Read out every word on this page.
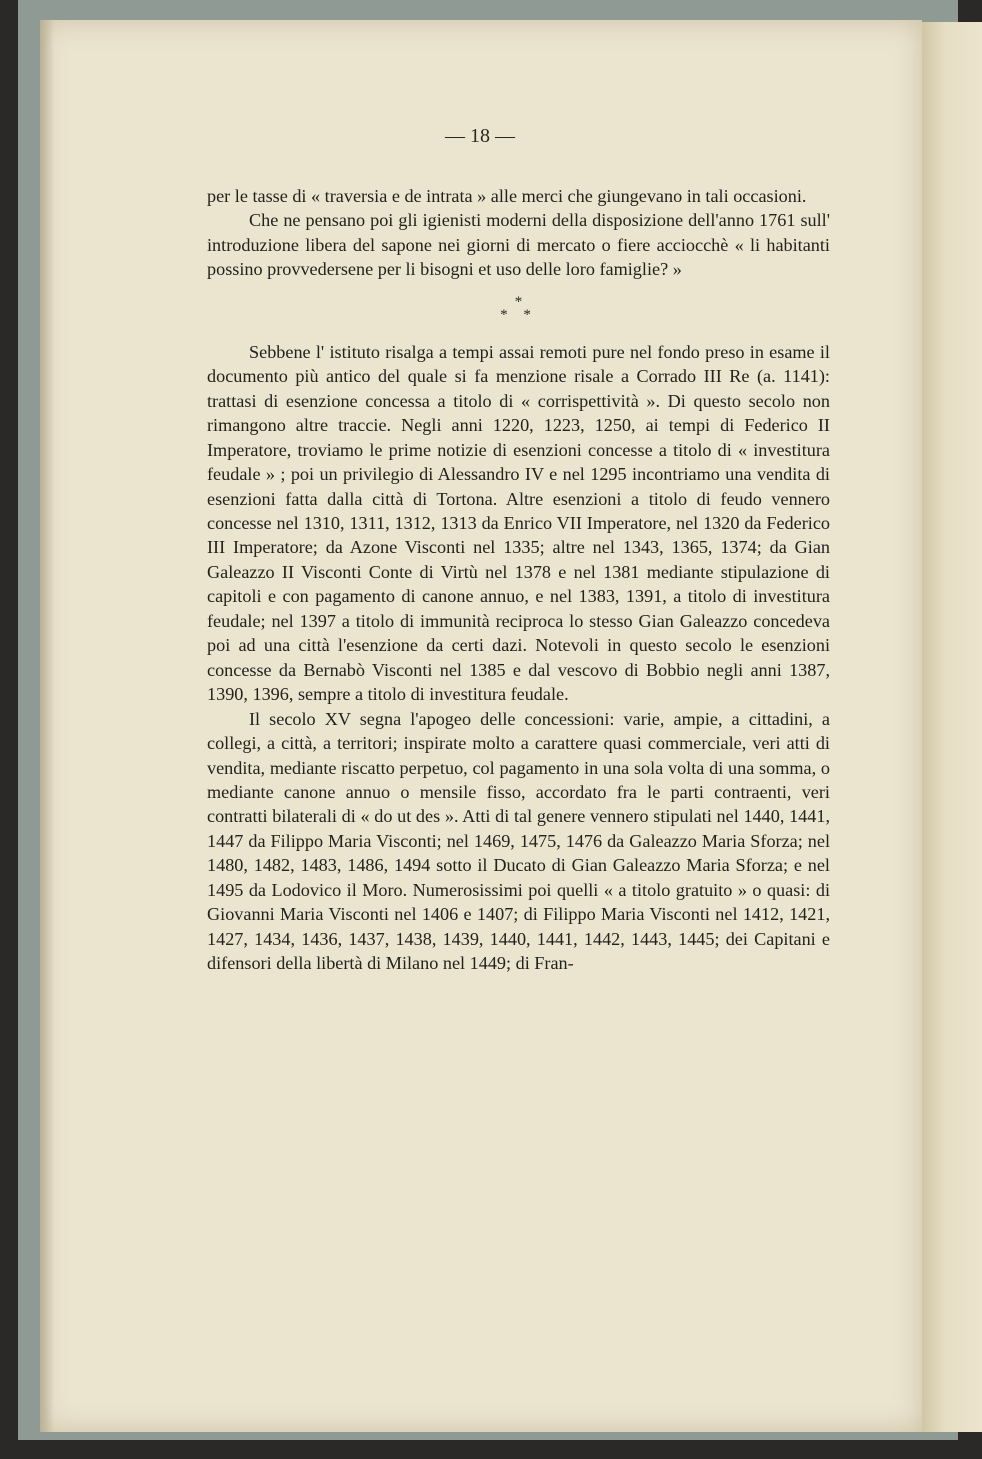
— 18 —

per le tasse di « traversia e de intrata » alle merci che giungevano in tali occasioni.

Che ne pensano poi gli igienisti moderni della disposizione dell'anno 1761 sull' introduzione libera del sapone nei giorni di mercato o fiere acciocchè « li habitanti possino provvedersene per li bisogni et uso delle loro famiglie? »

*
* *

Sebbene l' istituto risalga a tempi assai remoti pure nel fondo preso in esame il documento più antico del quale si fa menzione risale a Corrado III Re (a. 1141): trattasi di esenzione concessa a titolo di « corrispettività ». Di questo secolo non rimangono altre traccie. Negli anni 1220, 1223, 1250, ai tempi di Federico II Imperatore, troviamo le prime notizie di esenzioni concesse a titolo di « investitura feudale » ; poi un privilegio di Alessandro IV e nel 1295 incontriamo una vendita di esenzioni fatta dalla città di Tortona. Altre esenzioni a titolo di feudo vennero concesse nel 1310, 1311, 1312, 1313 da Enrico VII Imperatore, nel 1320 da Federico III Imperatore; da Azone Visconti nel 1335; altre nel 1343, 1365, 1374; da Gian Galeazzo II Visconti Conte di Virtù nel 1378 e nel 1381 mediante stipulazione di capitoli e con pagamento di canone annuo, e nel 1383, 1391, a titolo di investitura feudale; nel 1397 a titolo di immunità reciproca lo stesso Gian Galeazzo concedeva poi ad una città l'esenzione da certi dazi. Notevoli in questo secolo le esenzioni concesse da Bernabò Visconti nel 1385 e dal vescovo di Bobbio negli anni 1387, 1390, 1396, sempre a titolo di investitura feudale.

Il secolo XV segna l'apogeo delle concessioni: varie, ampie, a cittadini, a collegi, a città, a territori; inspirate molto a carattere quasi commerciale, veri atti di vendita, mediante riscatto perpetuo, col pagamento in una sola volta di una somma, o mediante canone annuo o mensile fisso, accordato fra le parti contraenti, veri contratti bilaterali di « do ut des ». Atti di tal genere vennero stipulati nel 1440, 1441, 1447 da Filippo Maria Visconti; nel 1469, 1475, 1476 da Galeazzo Maria Sforza; nel 1480, 1482, 1483, 1486, 1494 sotto il Ducato di Gian Galeazzo Maria Sforza; e nel 1495 da Lodovico il Moro. Numerosissimi poi quelli « a titolo gratuito » o quasi: di Giovanni Maria Visconti nel 1406 e 1407; di Filippo Maria Visconti nel 1412, 1421, 1427, 1434, 1436, 1437, 1438, 1439, 1440, 1441, 1442, 1443, 1445; dei Capitani e difensori della libertà di Milano nel 1449; di Fran-
